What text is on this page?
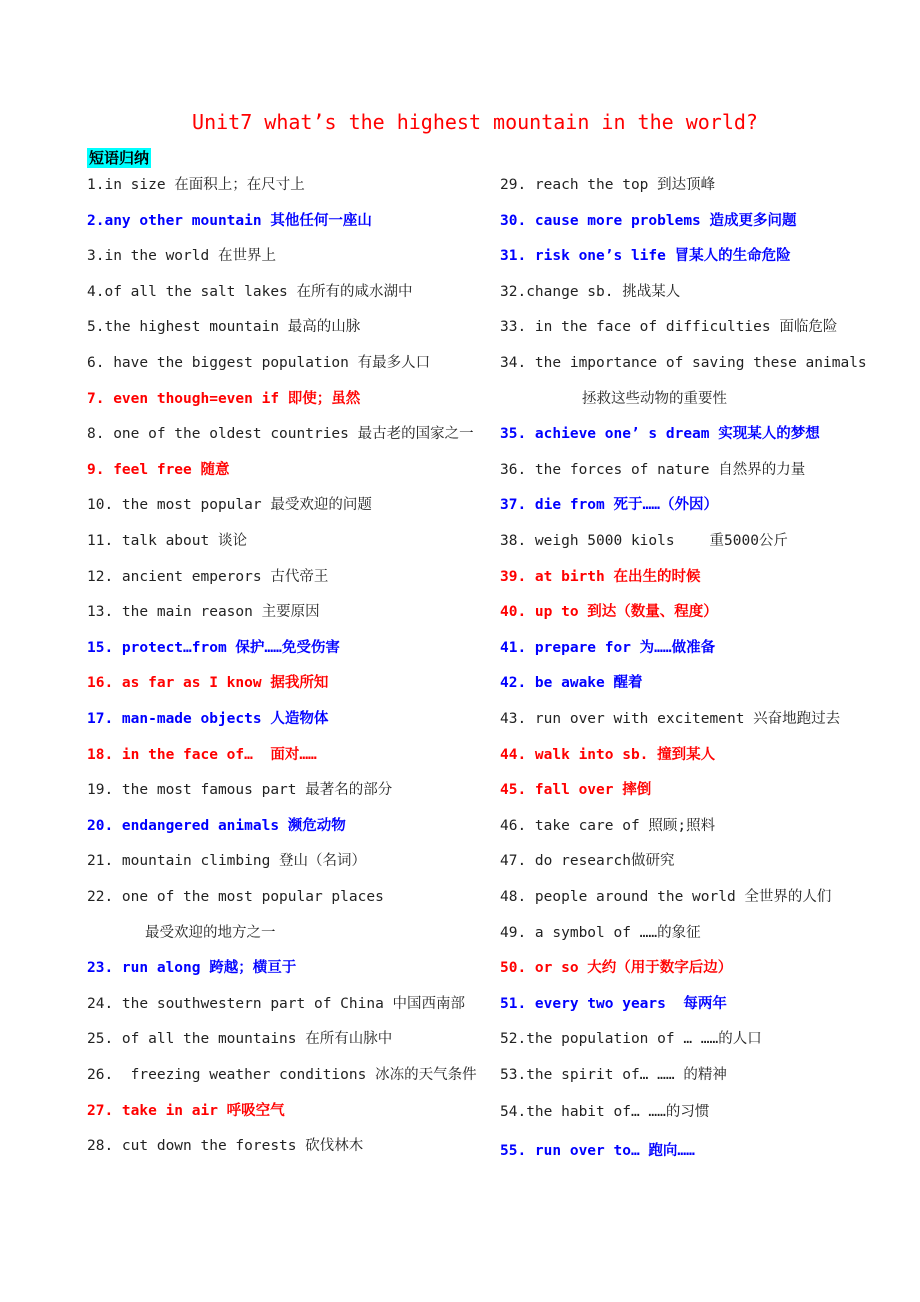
Unit7 what’s the highest mountain in the world?
短语归纳
1.in size 在面积上；在尺寸上
2.any other mountain 其他任何一座山
3.in the world 在世界上
4.of all the salt lakes 在所有的咸水湖中
5.the highest mountain 最高的山脉
6. have the biggest population 有最多人口
7. even though=even if 即使；虽然
8. one of the oldest countries 最古老的国家之一
9. feel free 随意
10. the most popular 最受欢迎的问题
11. talk about 谈论
12. ancient emperors 古代帝王
13. the main reason 主要原因
15. protect…from 保护……免受伤害
16. as far as I know 据我所知
17. man-made objects 人造物体
18. in the face of…  面对……
19. the most famous part 最著名的部分
20. endangered animals 濒危动物
21. mountain climbing 登山（名词）
22. one of the most popular places
最受欢迎的地方之一
23. run along 跨越；横亘于
24. the southwestern part of China 中国西南部
25. of all the mountains 在所有山脉中
26.  freezing weather conditions 冰冻的天气条件
27. take in air 呼吸空气
28. cut down the forests 砍伐林木
29. reach the top 到达顶峰
30. cause more problems 造成更多问题
31. risk one’s life 冒某人的生命危险
32.change sb. 挑战某人
33. in the face of difficulties 面临危险
34. the importance of saving these animals
拯救这些动物的重要性
35. achieve one’ s dream 实现某人的梦想
36. the forces of nature 自然界的力量
37. die from 死于……（外因）
38. weigh 5000 kiols    重5000公斤
39. at birth 在出生的时候
40. up to 到达（数量、程度）
41. prepare for 为……做准备
42. be awake 醒着
43. run over with excitement 兴奋地跑过去
44. walk into sb. 撞到某人
45. fall over 摔倒
46. take care of 照顾;照料
47. do research做研究
48. people around the world 全世界的人们
49. a symbol of ……的象征
50. or so 大约（用于数字后边）
51. every two years  每两年
52.the population of … ……的人口
53.the spirit of… …… 的精神
54.the habit of… ……的习惯
55. run over to… 跑向……
